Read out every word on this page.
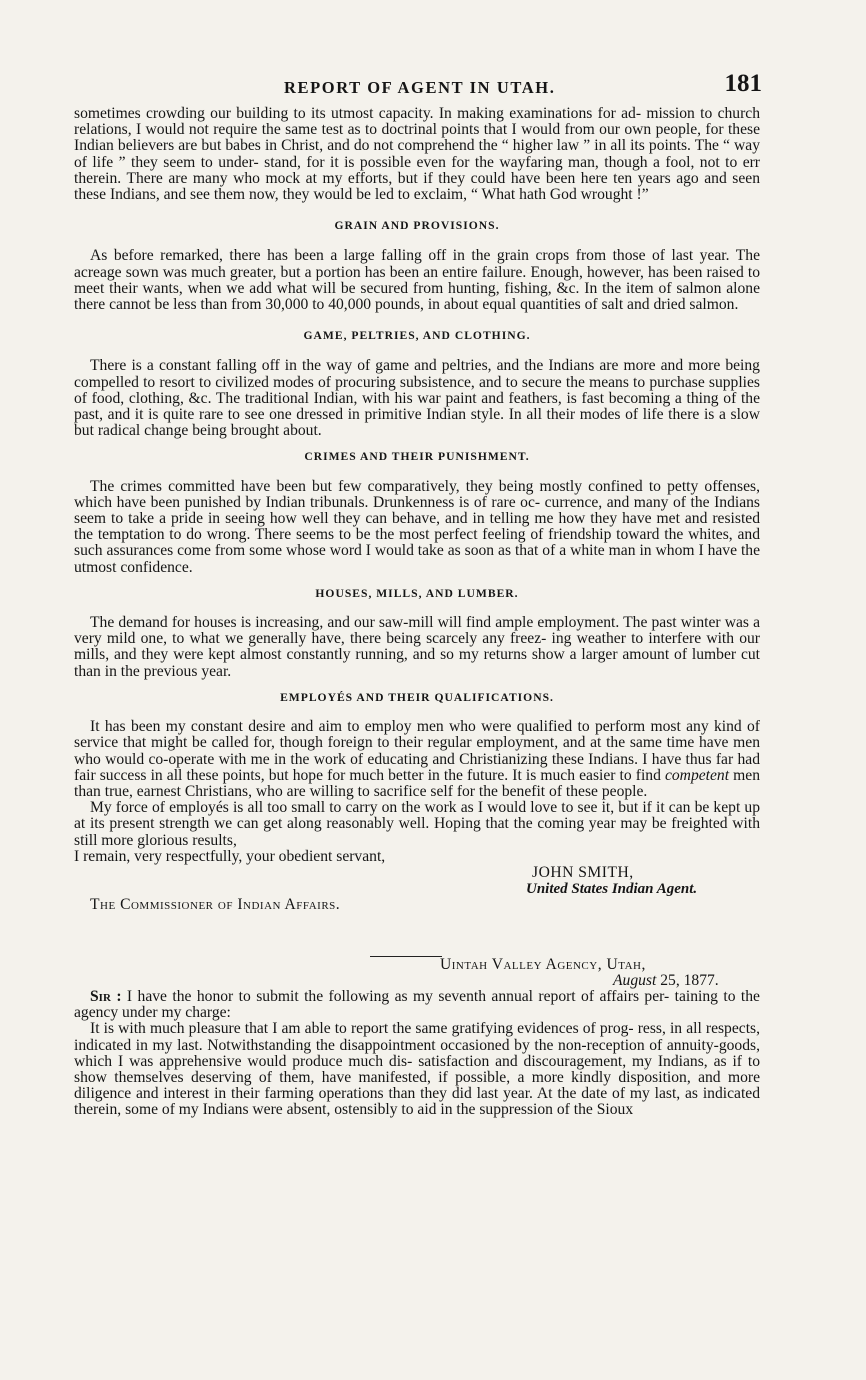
REPORT OF AGENT IN UTAH.	181

sometimes crowding our building to its utmost capacity. In making examinations for ad- mission to church relations, I would not require the same test as to doctrinal points that I would from our own people, for these Indian believers are but babes in Christ, and do not comprehend the “ higher law ” in all its points. The “ way of life ” they seem to under- stand, for it is possible even for the wayfaring man, though a fool, not to err therein. There are many who mock at my efforts, but if they could have been here ten years ago and seen these Indians, and see them now, they would be led to exclaim, “ What hath God wrought !”

GRAIN AND PROVISIONS.

As before remarked, there has been a large falling off in the grain crops from those of last year. The acreage sown was much greater, but a portion has been an entire failure. Enough, however, has been raised to meet their wants, when we add what will be secured from hunting, fishing, &c. In the item of salmon alone there cannot be less than from 30,000 to 40,000 pounds, in about equal quantities of salt and dried salmon.

GAME, PELTRIES, AND CLOTHING.

There is a constant falling off in the way of game and peltries, and the Indians are more and more being compelled to resort to civilized modes of procuring subsistence, and to secure the means to purchase supplies of food, clothing, &c. The traditional Indian, with his war paint and feathers, is fast becoming a thing of the past, and it is quite rare to see one dressed in primitive Indian style. In all their modes of life there is a slow but radical change being brought about.

CRIMES AND THEIR PUNISHMENT.

The crimes committed have been but few comparatively, they being mostly confined to petty offenses, which have been punished by Indian tribunals. Drunkenness is of rare oc- currence, and many of the Indians seem to take a pride in seeing how well they can behave, and in telling me how they have met and resisted the temptation to do wrong. There seems to be the most perfect feeling of friendship toward the whites, and such assurances come from some whose word I would take as soon as that of a white man in whom I have the utmost confidence.

HOUSES, MILLS, AND LUMBER.

The demand for houses is increasing, and our saw-mill will find ample employment. The past winter was a very mild one, to what we generally have, there being scarcely any freez- ing weather to interfere with our mills, and they were kept almost constantly running, and so my returns show a larger amount of lumber cut than in the previous year.

EMPLOYÉS AND THEIR QUALIFICATIONS.

It has been my constant desire and aim to employ men who were qualified to perform most any kind of service that might be called for, though foreign to their regular employment, and at the same time have men who would co-operate with me in the work of educating and Christianizing these Indians. I have thus far had fair success in all these points, but hope for much better in the future. It is much easier to find competent men than true, earnest Christians, who are willing to sacrifice self for the benefit of these people.

My force of employés is all too small to carry on the work as I would love to see it, but if it can be kept up at its present strength we can get along reasonably well. Hoping that the coming year may be freighted with still more glorious results,

I remain, very respectfully, your obedient servant,

JOHN SMITH,

United States Indian Agent.

The Commissioner of Indian Affairs.

Uintah Valley Agency, Utah,

August 25, 1877.

Sir : I have the honor to submit the following as my seventh annual report of affairs per- taining to the agency under my charge:

It is with much pleasure that I am able to report the same gratifying evidences of prog- ress, in all respects, indicated in my last. Notwithstanding the disappointment occasioned by the non-reception of annuity-goods, which I was apprehensive would produce much dis- satisfaction and discouragement, my Indians, as if to show themselves deserving of them, have manifested, if possible, a more kindly disposition, and more diligence and interest in their farming operations than they did last year. At the date of my last, as indicated therein, some of my Indians were absent, ostensibly to aid in the suppression of the Sioux
